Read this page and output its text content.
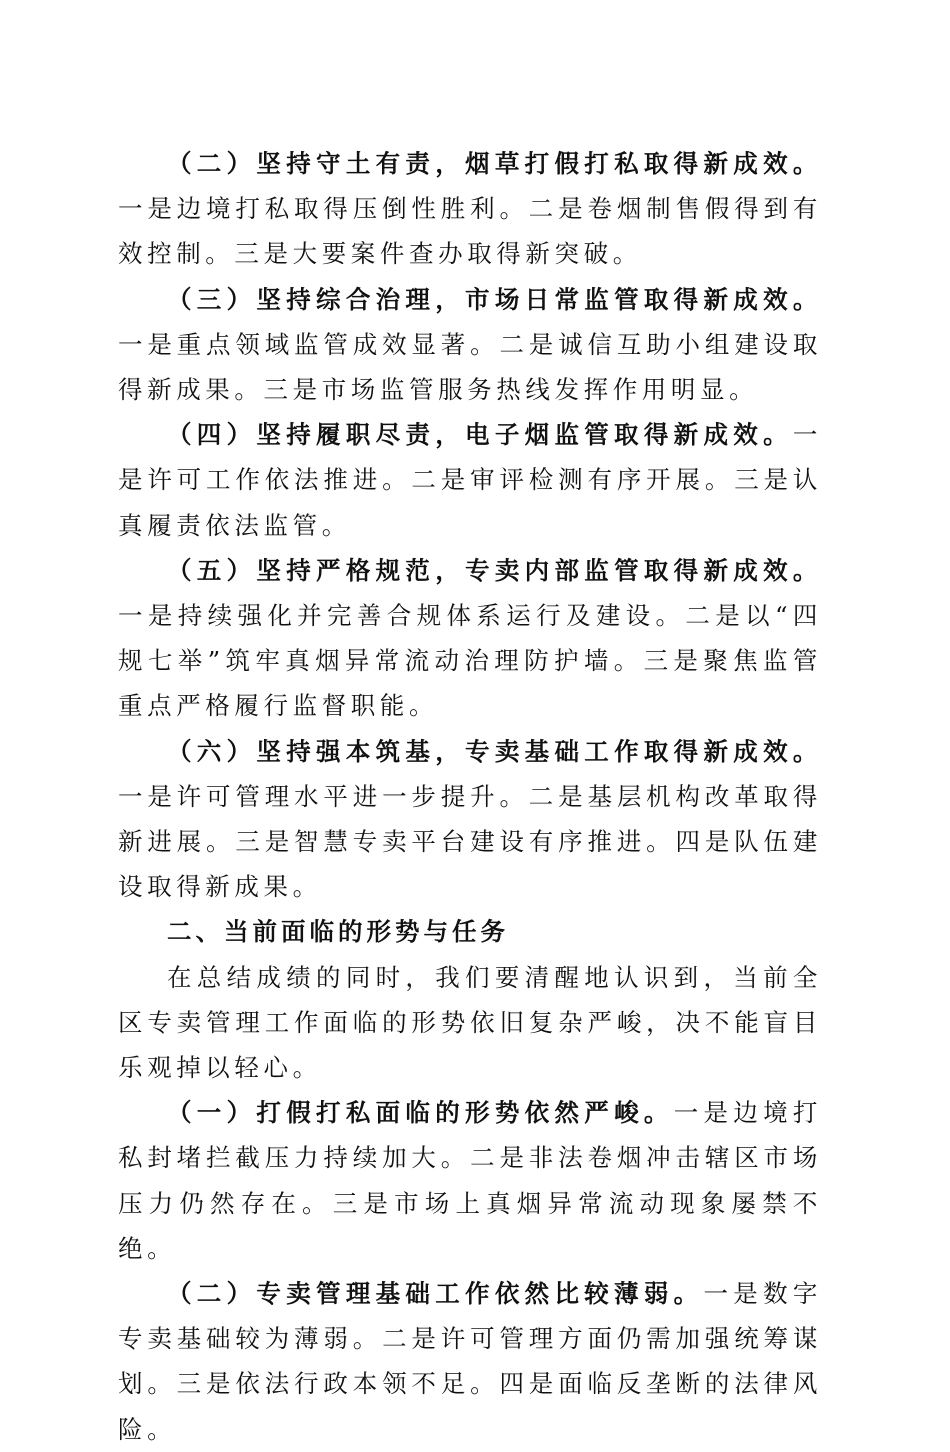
（二）坚持守土有责，烟草打假打私取得新成效。一是边境打私取得压倒性胜利。二是卷烟制售假得到有效控制。三是大要案件查办取得新突破。

（三）坚持综合治理，市场日常监管取得新成效。一是重点领域监管成效显著。二是诚信互助小组建设取得新成果。三是市场监管服务热线发挥作用明显。

（四）坚持履职尽责，电子烟监管取得新成效。一是许可工作依法推进。二是审评检测有序开展。三是认真履责依法监管。

（五）坚持严格规范，专卖内部监管取得新成效。一是持续强化并完善合规体系运行及建设。二是以“四规七举”筑牢真烟异常流动治理防护墙。三是聚焦监管重点严格履行监督职能。

（六）坚持强本筑基，专卖基础工作取得新成效。一是许可管理水平进一步提升。二是基层机构改革取得新进展。三是智慧专卖平台建设有序推进。四是队伍建设取得新成果。

二、当前面临的形势与任务

在总结成绩的同时，我们要清醒地认识到，当前全区专卖管理工作面临的形势依旧复杂严峻，决不能盲目乐观掉以轻心。

（一）打假打私面临的形势依然严峻。一是边境打私封堵拦截压力持续加大。二是非法卷烟冲击辖区市场压力仍然存在。三是市场上真烟异常流动现象屡禁不绝。

（二）专卖管理基础工作依然比较薄弱。一是数字专卖基础较为薄弱。二是许可管理方面仍需加强统筹谋划。三是依法行政本领不足。四是面临反垄断的法律风险。
